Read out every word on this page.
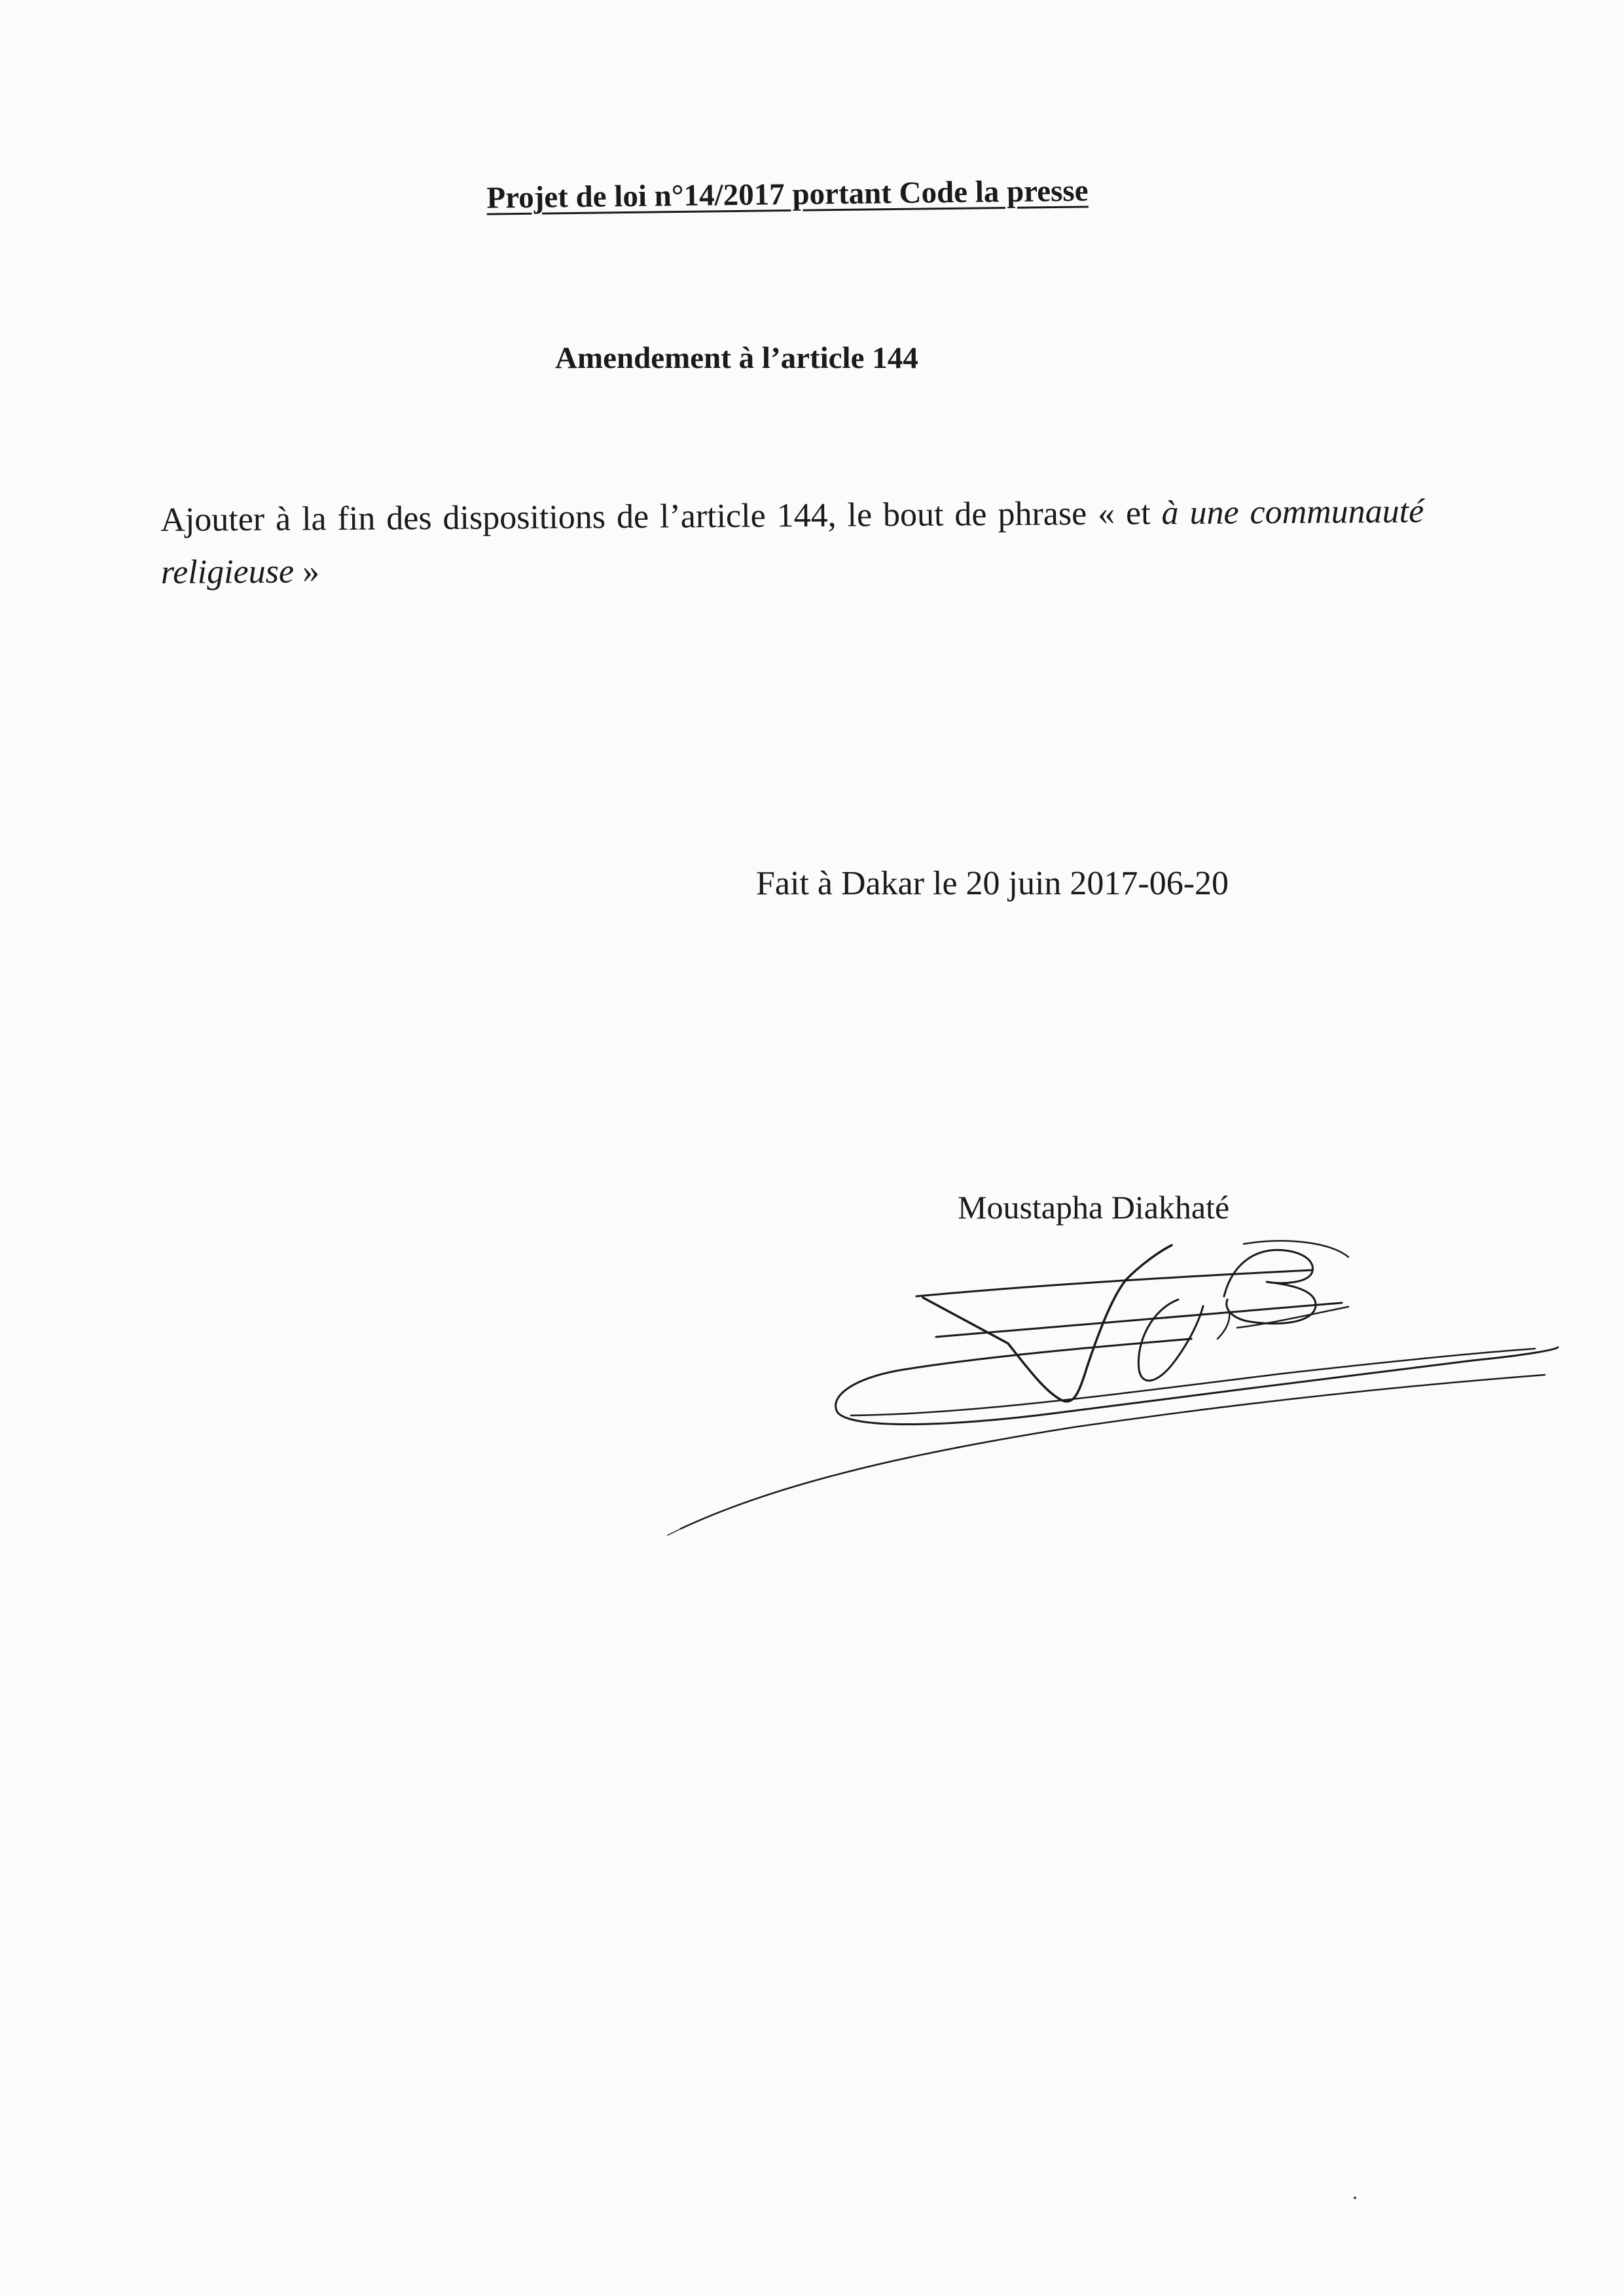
Projet de loi n°14/2017 portant Code la presse
Amendement à l’article 144
Ajouter à la fin des dispositions de l’article 144, le bout de phrase « et à une communauté religieuse »
Fait à Dakar le 20 juin 2017-06-20
Moustapha Diakhaté
